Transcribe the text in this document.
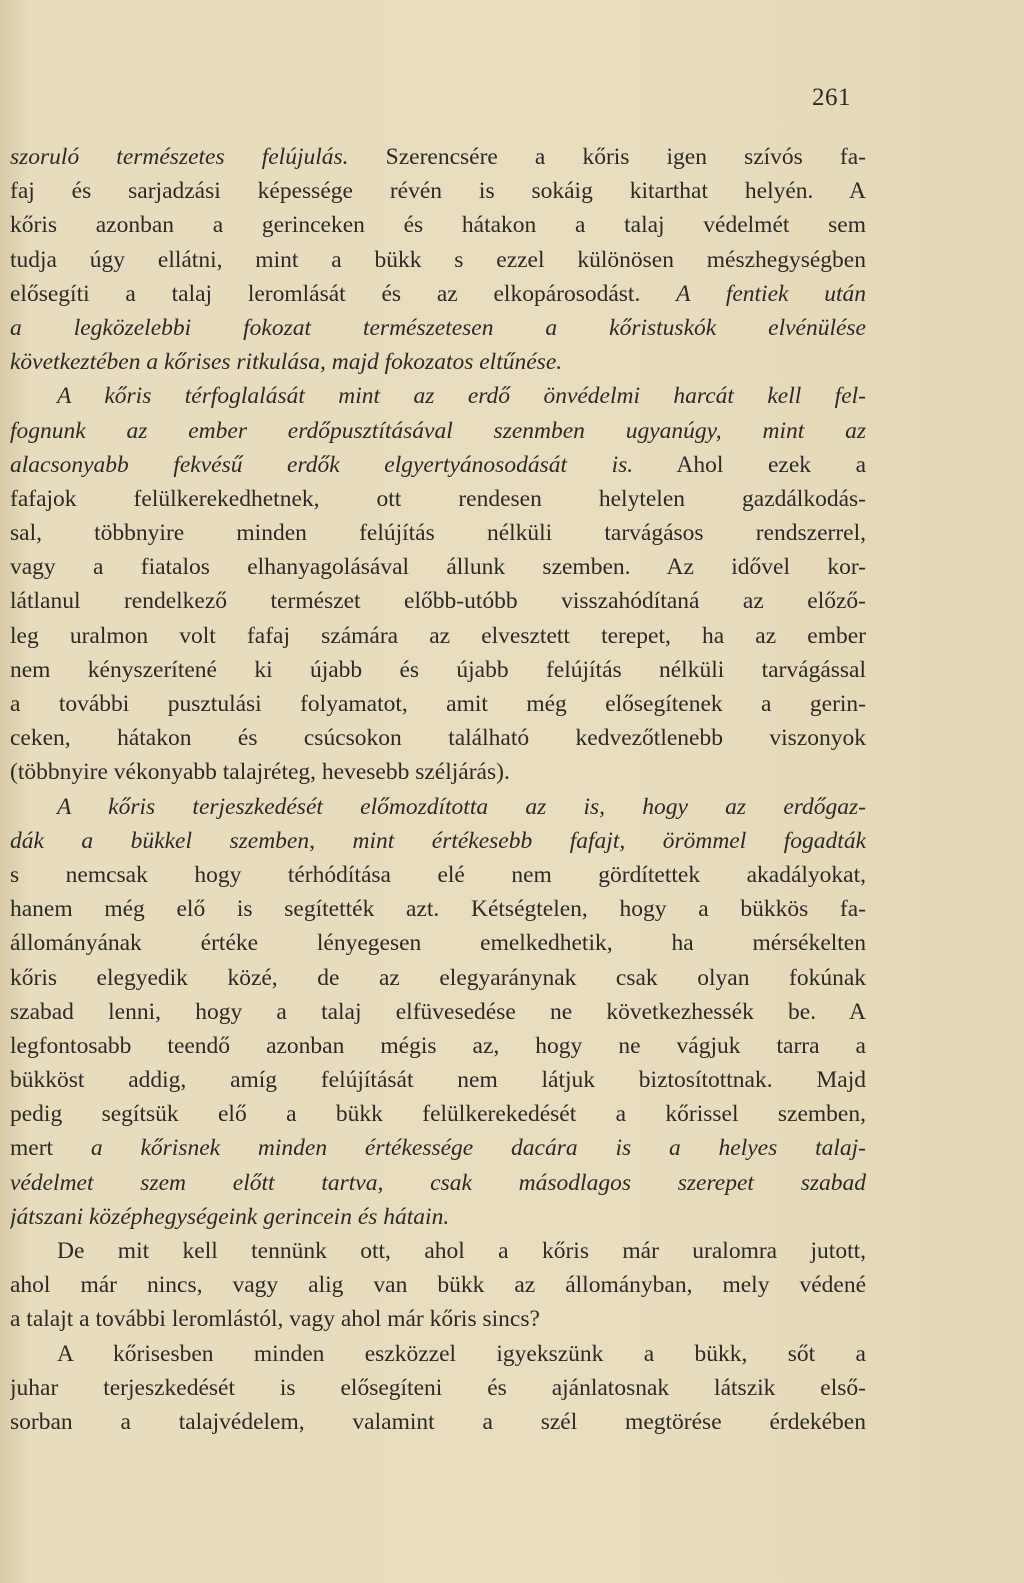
261
szoruló természetes felújulás. Szerencsére a kőris igen szívós fa-
faj és sarjadzási képessége révén is sokáig kitarthat helyén. A
kőris azonban a gerinceken és hátakon a talaj védelmét sem
tudja úgy ellátni, mint a bükk s ezzel különösen mészhegységben
elősegíti a talaj leromlását és az elkopárosodást. A fentiek után
a legközelebbi fokozat természetesen a kőristuskók elvénülése
következtében a kőrises ritkulása, majd fokozatos eltűnése.
  A kőris térfoglalását mint az erdő önvédelmi harcát kell fel-
fognunk az ember erdőpusztításával szenmben ugyanúgy, mint az
alacsonyabb fekvésű erdők elgyertyánosodását is. Ahol ezek a
fafajok felülkerekedhetnek, ott rendesen helytelen gazdálkodás-
sal, többnyire minden felújítás nélküli tarvágásos rendszerrel,
vagy a fiatalos elhanyagolásával állunk szemben. Az idővel kor-
látlanul rendelkező természet előbb-utóbb visszahódítaná az előző-
leg uralmon volt fafaj számára az elvesztett terepet, ha az ember
nem kényszerítené ki újabb és újabb felújítás nélküli tarvágással
a további pusztulási folyamatot, amit még elősegítenek a gerin-
ceken, hátakon és csúcsokon található kedvezőtlenebb viszonyok
(többnyire vékonyabb talajréteg, hevesebb széljárás).
  A kőris terjeszkedését előmozdította az is, hogy az erdőgaz-
dák a bükkel szemben, mint értékesebb fafajt, örömmel fogadták
s nemcsak hogy térhódítása elé nem gördítettek akadályokat,
hanem még elő is segítették azt. Kétségtelen, hogy a bükkös fa-
állományának értéke lényegesen emelkedhetik, ha mérsékelten
kőris elegyedik közé, de az elegyaránynak csak olyan fokúnak
szabad lenni, hogy a talaj elfüvesedése ne következhessék be. A
legfontosabb teendő azonban mégis az, hogy ne vágjuk tarra a
bükköst addig, amíg felújítását nem látjuk biztosítottnak. Majd
pedig segítsük elő a bükk felülkerekedését a kőrissel szemben,
mert a kőrisnek minden értékessége dacára is a helyes talaj-
védelmet szem előtt tartva, csak másodlagos szerepet szabad
játszani középhegységeink gerincein és hátain.
  De mit kell tennünk ott, ahol a kőris már uralomra jutott,
ahol már nincs, vagy alig van bükk az állományban, mely védené
a talajt a további leromlástól, vagy ahol már kőris sincs?
  A kőrisesben minden eszközzel igyekszünk a bükk, sőt a
juhar terjeszkedését is elősegíteni és ajánlatosnak látszik első-
sorban a talajvédelem, valamint a szél megtörése érdekében
